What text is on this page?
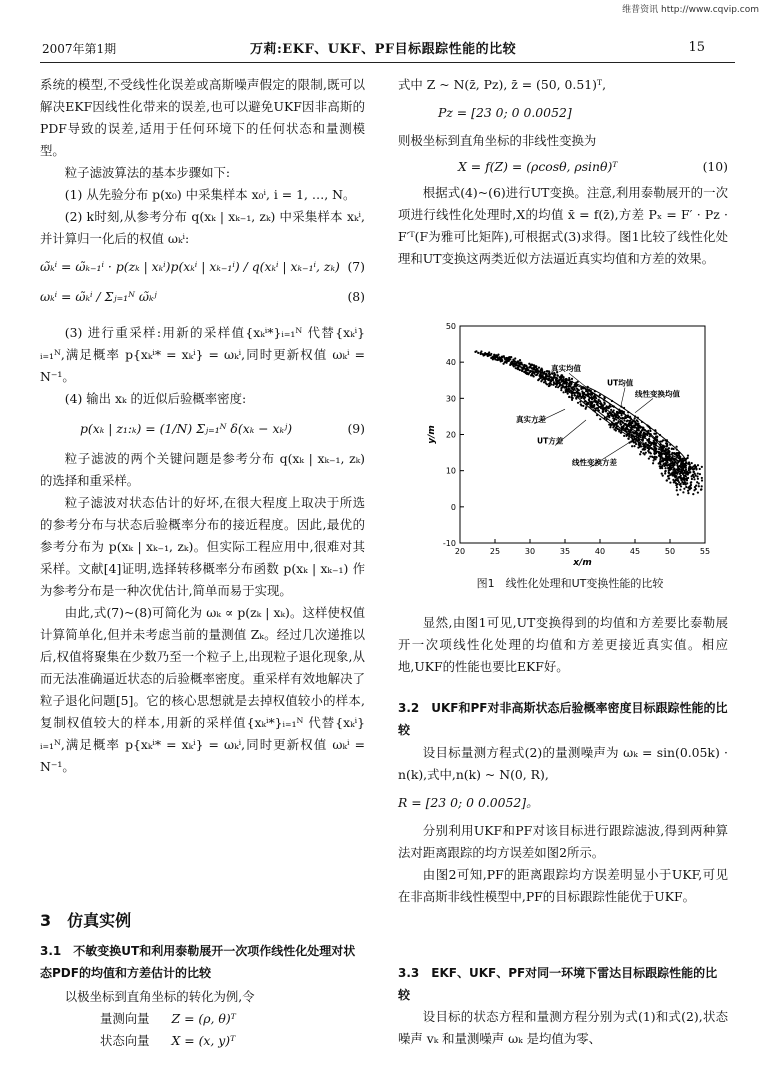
维普资讯 http://www.cqvip.com
2007年第1期	万莉:EKF、UKF、PF目标跟踪性能的比较	15

系统的模型,不受线性化误差或高斯噪声假定的限制,既可以解决EKF因线性化带来的误差,也可以避免UKF因非高斯的PDF导致的误差,适用于任何环境下的任何状态和量测模型。

粒子滤波算法的基本步骤如下:

(1) 从先验分布 p(x₀) 中采集样本 x₀ⁱ, i = 1, …, N。

(2) k时刻,从参考分布 q(xₖ | xₖ₋₁, zₖ) 中采集样本 xₖⁱ,并计算归一化后的权值 ωₖⁱ:

ω̃ₖⁱ = ω̃ₖ₋₁ⁱ · p(zₖ | xₖⁱ)p(xₖⁱ | xₖ₋₁ⁱ) / q(xₖⁱ | xₖ₋₁ⁱ, zₖ) (7)
ωₖⁱ = ω̃ₖⁱ / Σⱼ₌₁ᴺ ω̃ₖʲ	(8)

(3) 进行重采样:用新的采样值{xₖⁱ*}ᵢ₌₁ᴺ 代替{xₖⁱ}ᵢ₌₁ᴺ,满足概率 p{xₖⁱ* = xₖⁱ} = ωₖⁱ,同时更新权值 ωₖⁱ = N⁻¹。

(4) 输出 xₖ 的近似后验概率密度:

p(xₖ | z₁:ₖ) = (1/N) Σⱼ₌₁ᴺ δ(xₖ − xₖʲ)	(9)

粒子滤波的两个关键问题是参考分布 q(xₖ | xₖ₋₁, zₖ) 的选择和重采样。

粒子滤波对状态估计的好坏,在很大程度上取决于所选的参考分布与状态后验概率分布的接近程度。因此,最优的参考分布为 p(xₖ | xₖ₋₁, zₖ)。但实际工程应用中,很难对其采样。文献[4]证明,选择转移概率分布函数 p(xₖ | xₖ₋₁) 作为参考分布是一种次优估计,简单而易于实现。

由此,式(7)~(8)可简化为 ωₖ ∝ p(zₖ | xₖ)。这样使权值计算简单化,但并未考虑当前的量测值 Zₖ。经过几次递推以后,权值将聚集在少数乃至一个粒子上,出现粒子退化现象,从而无法准确逼近状态的后验概率密度。重采样有效地解决了粒子退化问题[5]。它的核心思想就是去掉权值较小的样本,复制权值较大的样本,用新的采样值{xₖⁱ*}ᵢ₌₁ᴺ 代替{xₖⁱ}ᵢ₌₁ᴺ,满足概率 p{xₖⁱ* = xₖⁱ} = ωₖⁱ,同时更新权值 ωₖⁱ = N⁻¹。

3　仿真实例
3.1　不敏变换UT和利用泰勒展开一次项作线性化处理对状态PDF的均值和方差估计的比较

以极坐标到直角坐标的转化为例,令

量测向量 Z = (ρ, θ)ᵀ

状态向量 X = (x, y)ᵀ

式中 Z ~ N(z̄, Pz), z̄ = (50, 0.51)ᵀ,

Pz = [23 0; 0 0.0052]

则极坐标到直角坐标的非线性变换为

X = f(Z) = (ρcosθ, ρsinθ)ᵀ	(10)

根据式(4)~(6)进行UT变换。注意,利用泰勒展开的一次项进行线性化处理时,X的均值 x̄ = f(z̄),方差 Pₓ = F′ · Pz · F′ᵀ(F为雅可比矩阵),可根据式(3)求得。图1比较了线性化处理和UT变换这两类近似方法逼近真实均值和方差的效果。

20	25	30	35	40	45	50	55
-10
0
10
20
30
40
50
x/m
y/m
真实均值
UT均值
线性变换均值
真实方差
UT方差
线性变换方差
图1　线性化处理和UT变换性能的比较

显然,由图1可见,UT变换得到的均值和方差要比泰勒展开一次项线性化处理的均值和方差更接近真实值。相应地,UKF的性能也要比EKF好。

3.2　UKF和PF对非高斯状态后验概率密度目标跟踪性能的比较

设目标量测方程式(2)的量测噪声为 ωₖ = sin(0.05k) · n(k),式中,n(k) ~ N(0, R),

R = [23 0; 0 0.0052]。

分别利用UKF和PF对该目标进行跟踪滤波,得到两种算法对距离跟踪的均方误差如图2所示。

由图2可知,PF的距离跟踪均方误差明显小于UKF,可见在非高斯非线性模型中,PF的目标跟踪性能优于UKF。

3.3　EKF、UKF、PF对同一环境下雷达目标跟踪性能的比较

设目标的状态方程和量测方程分别为式(1)和式(2),状态噪声 vₖ 和量测噪声 ωₖ 是均值为零、
